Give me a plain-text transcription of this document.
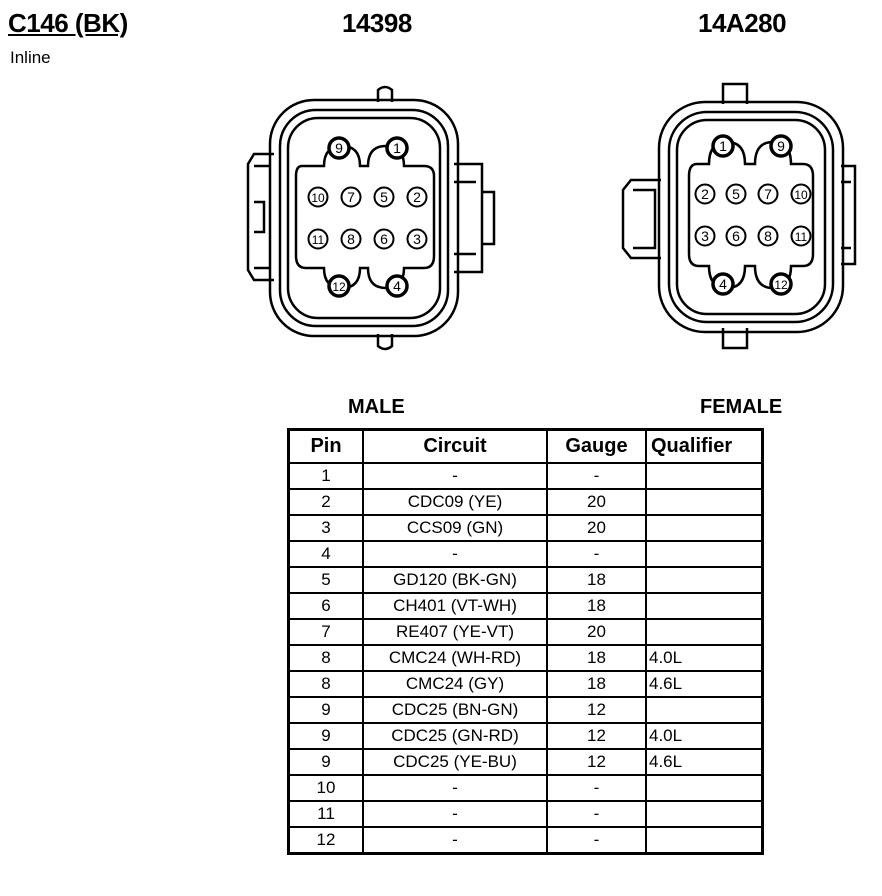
C146 (BK)
Inline
14398	14A280
9	1
10 7 5 2
11 8 6 3
12	4
1	9
2 5 7 10
3 6 8 11
4	12
MALE	FEMALE
Pin	Circuit	Gauge	Qualifier
1	-	-	
2	CDC09 (YE)	20	
3	CCS09 (GN)	20	
4	-	-	
5	GD120 (BK-GN)	18	
6	CH401 (VT-WH)	18	
7	RE407 (YE-VT)	20	
8	CMC24 (WH-RD)	18	4.0L
8	CMC24 (GY)	18	4.6L
9	CDC25 (BN-GN)	12	
9	CDC25 (GN-RD)	12	4.0L
9	CDC25 (YE-BU)	12	4.6L
10	-	-	
11	-	-	
12	-	-	
